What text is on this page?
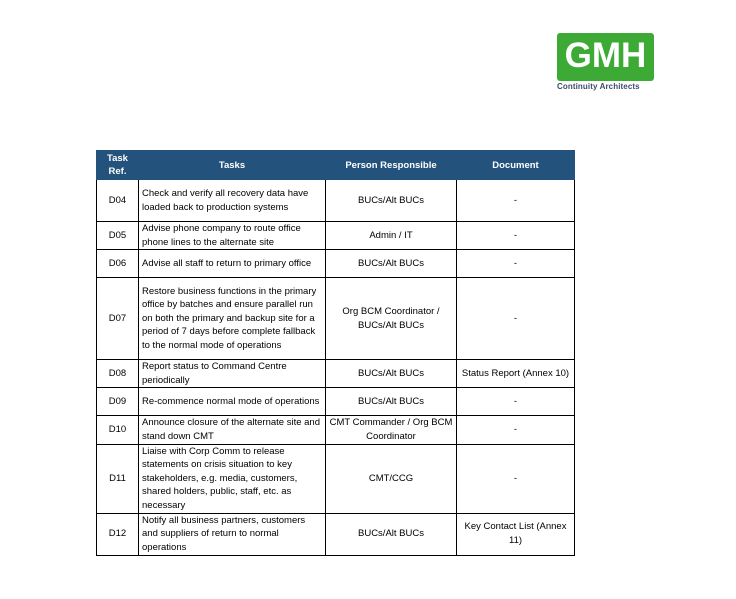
GMH
Continuity Architects
Task Ref.	Tasks	Person Responsible	Document
D04	Check and verify all recovery data have loaded back to production systems	BUCs/Alt BUCs	-
D05	Advise phone company to route office phone lines to the alternate site	Admin / IT	-
D06	Advise all staff to return to primary office	BUCs/Alt BUCs	-
D07	Restore business functions in the primary office by batches and ensure parallel run on both the primary and backup site for a period of 7 days before complete fallback to the normal mode of operations	Org BCM Coordinator / BUCs/Alt BUCs	-
D08	Report status to Command Centre periodically	BUCs/Alt BUCs	Status Report (Annex 10)
D09	Re-commence normal mode of operations	BUCs/Alt BUCs	-
D10	Announce closure of the alternate site and stand down CMT	CMT Commander / Org BCM Coordinator	-
D11	Liaise with Corp Comm to release statements on crisis situation to key stakeholders, e.g. media, customers, shared holders, public, staff, etc. as necessary	CMT/CCG	-
D12	Notify all business partners, customers and suppliers of return to normal operations	BUCs/Alt BUCs	Key Contact List (Annex 11)
